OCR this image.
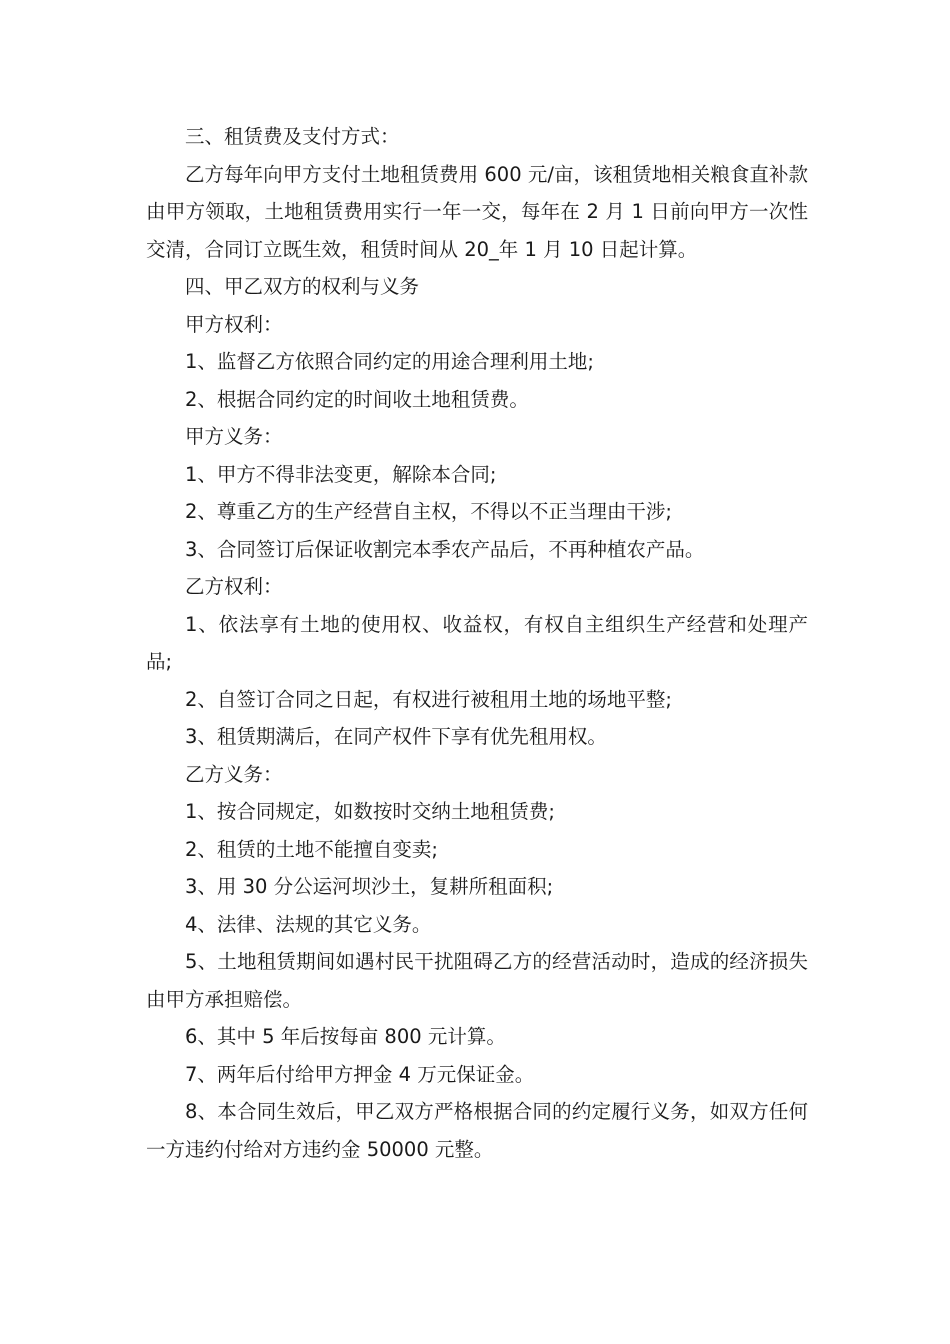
三、租赁费及支付方式：

乙方每年向甲方支付土地租赁费用 600 元/亩，该租赁地相关粮食直补款由甲方领取，土地租赁费用实行一年一交，每年在 2 月 1 日前向甲方一次性交清，合同订立既生效，租赁时间从 20_年 1 月 10 日起计算。

四、甲乙双方的权利与义务

甲方权利：

1、监督乙方依照合同约定的用途合理利用土地;

2、根据合同约定的时间收土地租赁费。

甲方义务：

1、甲方不得非法变更，解除本合同;

2、尊重乙方的生产经营自主权，不得以不正当理由干涉;

3、合同签订后保证收割完本季农产品后，不再种植农产品。

乙方权利：

1、依法享有土地的使用权、收益权，有权自主组织生产经营和处理产品;

2、自签订合同之日起，有权进行被租用土地的场地平整;

3、租赁期满后，在同产权件下享有优先租用权。

乙方义务：

1、按合同规定，如数按时交纳土地租赁费;

2、租赁的土地不能擅自变卖;

3、用 30 分公运河坝沙土，复耕所租面积;

4、法律、法规的其它义务。

5、土地租赁期间如遇村民干扰阻碍乙方的经营活动时，造成的经济损失由甲方承担赔偿。

6、其中 5 年后按每亩 800 元计算。

7、两年后付给甲方押金 4 万元保证金。

8、本合同生效后，甲乙双方严格根据合同的约定履行义务，如双方任何一方违约付给对方违约金 50000 元整。
